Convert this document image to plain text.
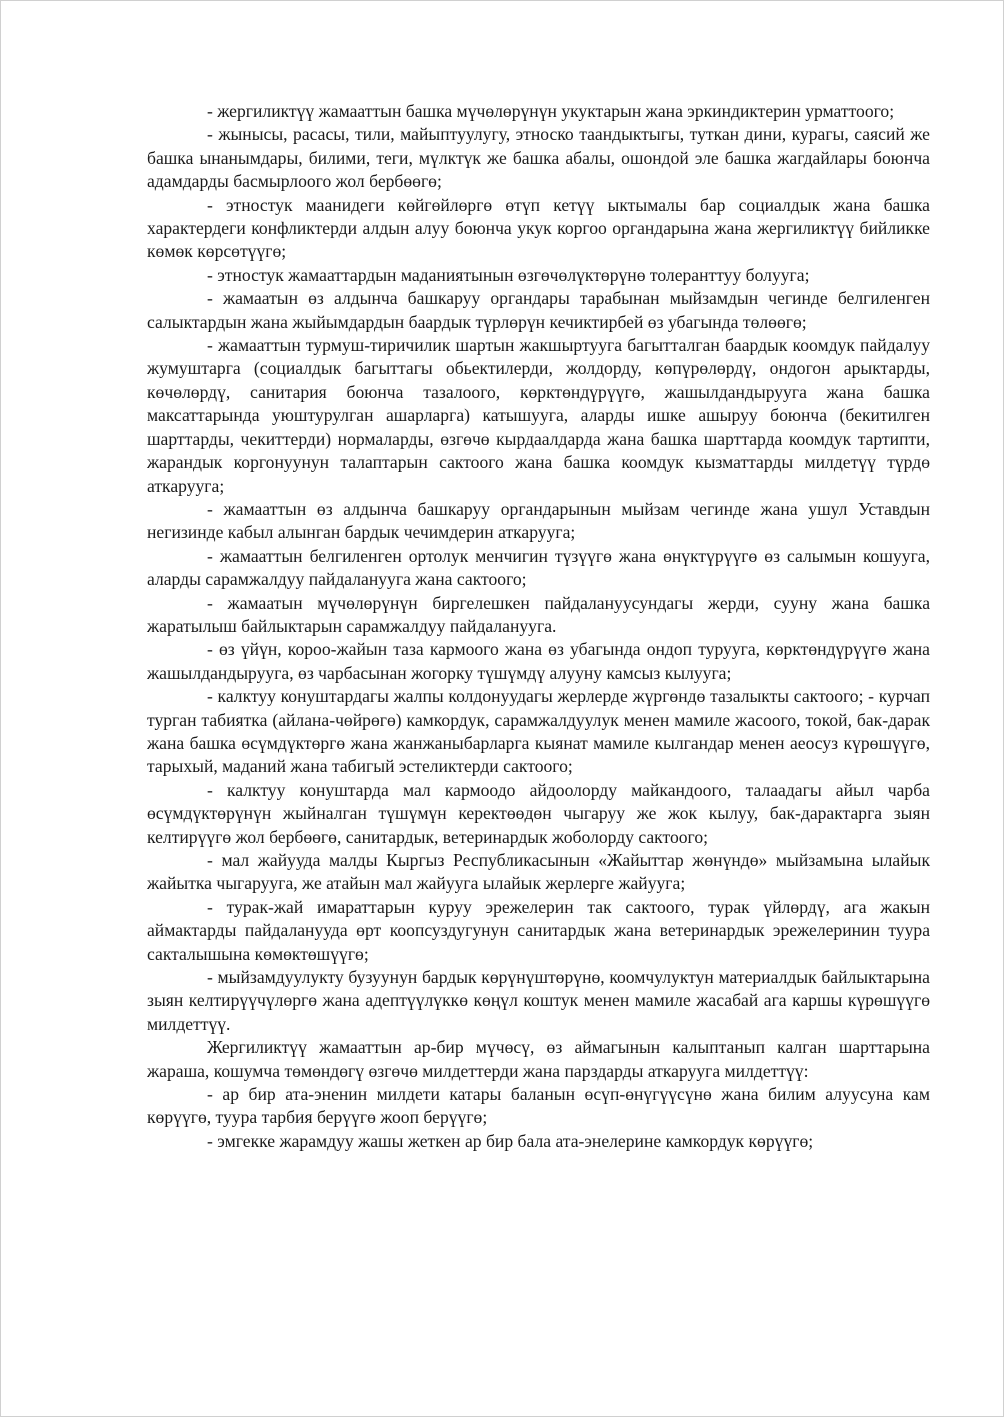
- жергиликтүү жамааттын башка мүчөлөрүнүн укуктарын жана эркиндиктерин урматтоого;

- жынысы, расасы, тили, майыптуулугу, этноско таандыктыгы, туткан дини, курагы, саясий же башка ынанымдары, билими, теги, мүлктүк же башка абалы, ошондой эле башка жагдайлары боюнча адамдарды басмырлоого жол бербөөгө;

- этностук маанидеги көйгөйлөргө өтүп кетүү ыктымалы бар социалдык жана башка характердеги конфликтерди алдын алуу боюнча укук коргоо органдарына жана жергиликтүү бийликке көмөк көрсөтүүгө;

- этностук жамааттардын маданиятынын өзгөчөлүктөрүнө толеранттуу болууга;

- жамаатын өз алдынча башкаруу органдары тарабынан мыйзамдын чегинде белгиленген салыктардын жана жыйымдардын баардык түрлөрүн кечиктирбей өз убагында төлөөгө;

- жамааттын турмуш-тиричилик шартын жакшыртууга багытталган баардык коомдук пайдалуу жумуштарга (социалдык багыттагы обьектилерди, жолдорду, көпүрөлөрдү, ондогон арыктарды, көчөлөрдү, санитария боюнча тазалоого, көрктөндүрүүгө, жашылдандырууга жана башка максаттарында уюштурулган ашарларга) катышууга, аларды ишке ашыруу боюнча (бекитилген шарттарды, чекиттерди) нормаларды, өзгөчө кырдаалдарда жана башка шарттарда коомдук тартипти, жарандык коргонуунун талаптарын сактоого жана башка коомдук кызматтарды милдетүү түрдө аткарууга;

- жамааттын өз алдынча башкаруу органдарынын мыйзам чегинде жана ушул Уставдын негизинде кабыл алынган бардык чечимдерин аткарууга;

- жамааттын белгиленген ортолук менчигин түзүүгө жана өнүктүрүүгө өз салымын кошууга, аларды сарамжалдуу пайдаланууга жана сактоого;

- жамаатын мүчөлөрүнүн биргелешкен пайдалануусундагы жерди, сууну жана башка жаратылыш байлыктарын сарамжалдуу пайдаланууга.

- өз үйүн, короо-жайын таза кармоого жана өз убагында ондоп турууга, көрктөндүрүүгө жана жашылдандырууга, өз чарбасынан жогорку түшүмдү алууну камсыз кылууга;

- калктуу конуштардагы жалпы колдонуудагы жерлерде жүргөндө тазалыкты сактоого; - курчап турган табиятка (айлана-чөйрөгө) камкордук, сарамжалдуулук менен мамиле жасоого, токой, бак-дарак жана башка өсүмдүктөргө жана жанжаныбарларга кыянат мамиле кылгандар менен аеосуз күрөшүүгө, тарыхый, маданий жана табигый эстеликтерди сактоого;

- калктуу конуштарда мал кармоодо айдоолорду майкандоого, талаадагы айыл чарба өсүмдүктөрүнүн жыйналган түшүмүн керектөөдөн чыгаруу же жок кылуу, бак-дарактарга зыян келтирүүгө жол бербөөгө, санитардык, ветеринардык жоболорду сактоого;

- мал жайууда малды Кыргыз Республикасынын «Жайыттар жөнүндө» мыйзамына ылайык жайытка чыгарууга, же атайын мал жайууга ылайык жерлерге жайууга;

- турак-жай имараттарын куруу эрежелерин так сактоого, турак үйлөрдү, ага жакын аймактарды пайдаланууда өрт коопсуздугунун санитардык жана ветеринардык эрежелеринин туура сакталышына көмөктөшүүгө;

- мыйзамдуулукту бузуунун бардык көрүнүштөрүнө, коомчулуктун материалдык байлыктарына зыян келтирүүчүлөргө жана адептүүлүккө көңүл коштук менен мамиле жасабай ага каршы күрөшүүгө милдеттүү.

Жергиликтүү жамааттын ар-бир мүчөсү, өз аймагынын калыптанып калган шарттарына жараша, кошумча төмөндөгү өзгөчө милдеттерди жана парздарды аткарууга милдеттүү:

- ар бир ата-эненин милдети катары баланын өсүп-өнүгүүсүнө жана билим алуусуна кам көрүүгө, туура тарбия берүүгө жооп берүүгө;

- эмгекке жарамдуу жашы жеткен ар бир бала ата-энелерине камкордук көрүүгө;
